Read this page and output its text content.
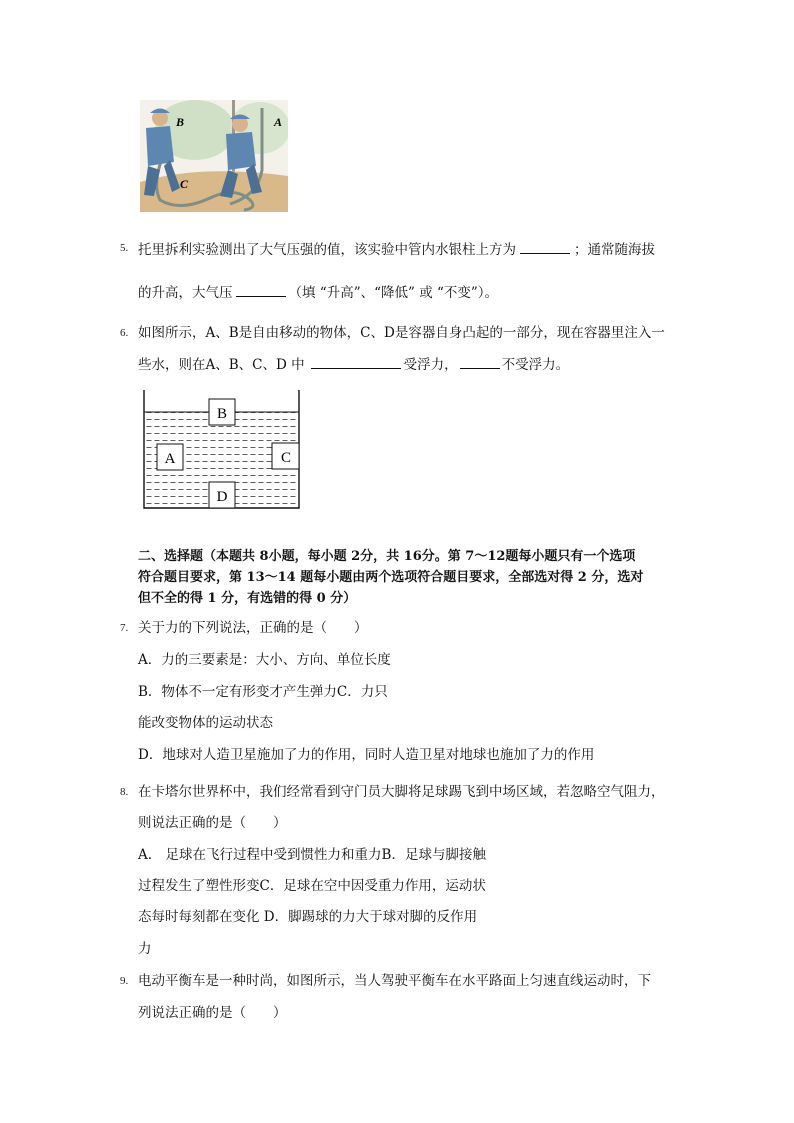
B	A
C
5. 托里拆利实验测出了大气压强的值，该实验中管内水银柱上方为	；通常随海拔
的升高，大气压	（填 “升高”、“降低” 或 “不变”）。
6. 如图所示，A、B是自由移动的物体，C、D是容器自身凸起的一部分，现在容器里注入一
些水，则在A、B、C、D 中	受浮力，	不受浮力。
B
A	C
D
二、选择题（本题共 8小题，每小题 2分，共 16分。第 7～12题每小题只有一个选项
符合题目要求，第 13～14 题每小题由两个选项符合题目要求，全部选对得 2 分，选对
但不全的得 1 分，有选错的得 0 分）
7. 关于力的下列说法，正确的是（　　）
A．力的三要素是：大小、方向、单位长度
B．物体不一定有形变才产生弹力C．力只
能改变物体的运动状态
D．地球对人造卫星施加了力的作用，同时人造卫星对地球也施加了力的作用
8. 在卡塔尔世界杯中，我们经常看到守门员大脚将足球踢飞到中场区域，若忽略空气阻力，
则说法正确的是（　　）
A.　足球在飞行过程中受到惯性力和重力B．足球与脚接触
过程发生了塑性形变C．足球在空中因受重力作用，运动状
态每时每刻都在变化 D．脚踢球的力大于球对脚的反作用
力
9. 电动平衡车是一种时尚，如图所示，当人驾驶平衡车在水平路面上匀速直线运动时，下
列说法正确的是（　　）
